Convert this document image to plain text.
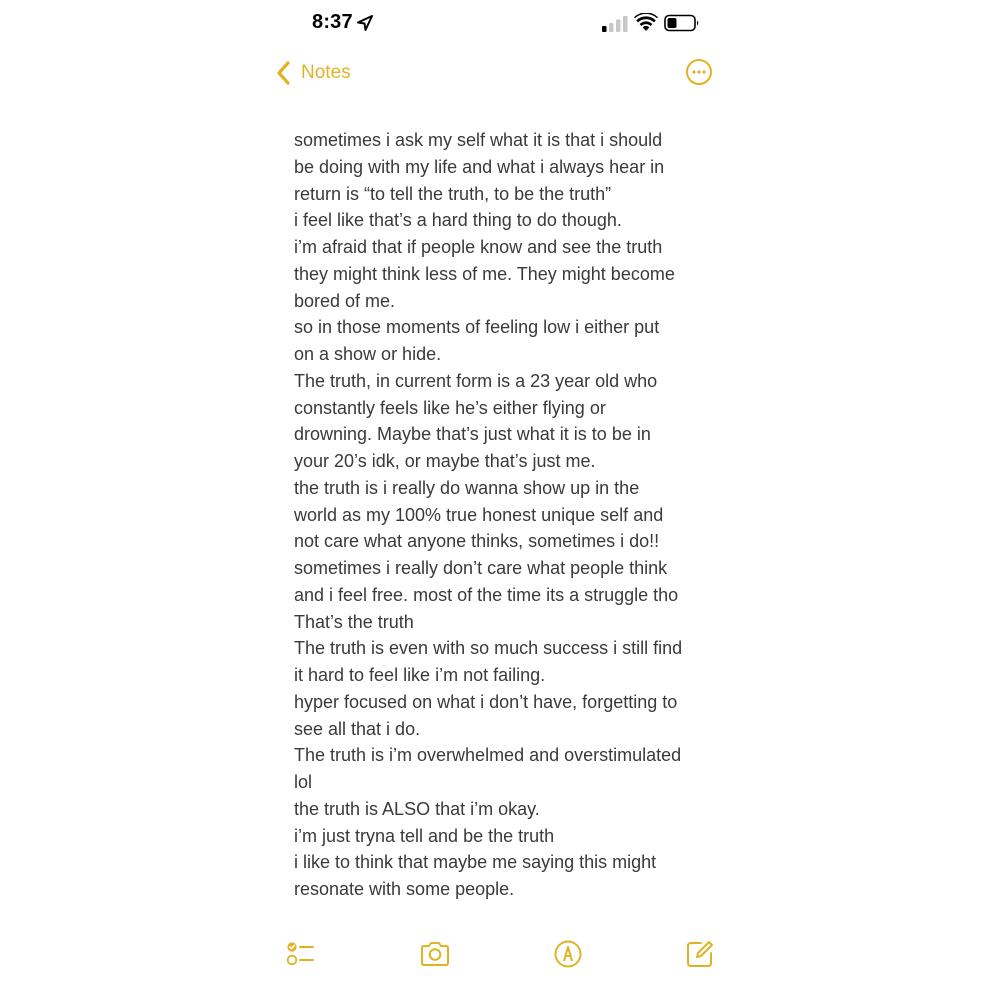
8:37
Notes
sometimes i ask my self what it is that i should
be doing with my life and what i always hear in
return is “to tell the truth, to be the truth”
i feel like that’s a hard thing to do though.
i’m afraid that if people know and see the truth
they might think less of me. They might become
bored of me.
so in those moments of feeling low i either put
on a show or hide.
The truth, in current form is a 23 year old who
constantly feels like he’s either flying or
drowning. Maybe that’s just what it is to be in
your 20’s idk, or maybe that’s just me.
the truth is i really do wanna show up in the
world as my 100% true honest unique self and
not care what anyone thinks, sometimes i do!!
sometimes i really don’t care what people think
and i feel free. most of the time its a struggle tho
That’s the truth
The truth is even with so much success i still find
it hard to feel like i’m not failing.
hyper focused on what i don’t have, forgetting to
see all that i do.
The truth is i’m overwhelmed and overstimulated
lol
the truth is ALSO that i’m okay.
i’m just tryna tell and be the truth
i like to think that maybe me saying this might
resonate with some people.
